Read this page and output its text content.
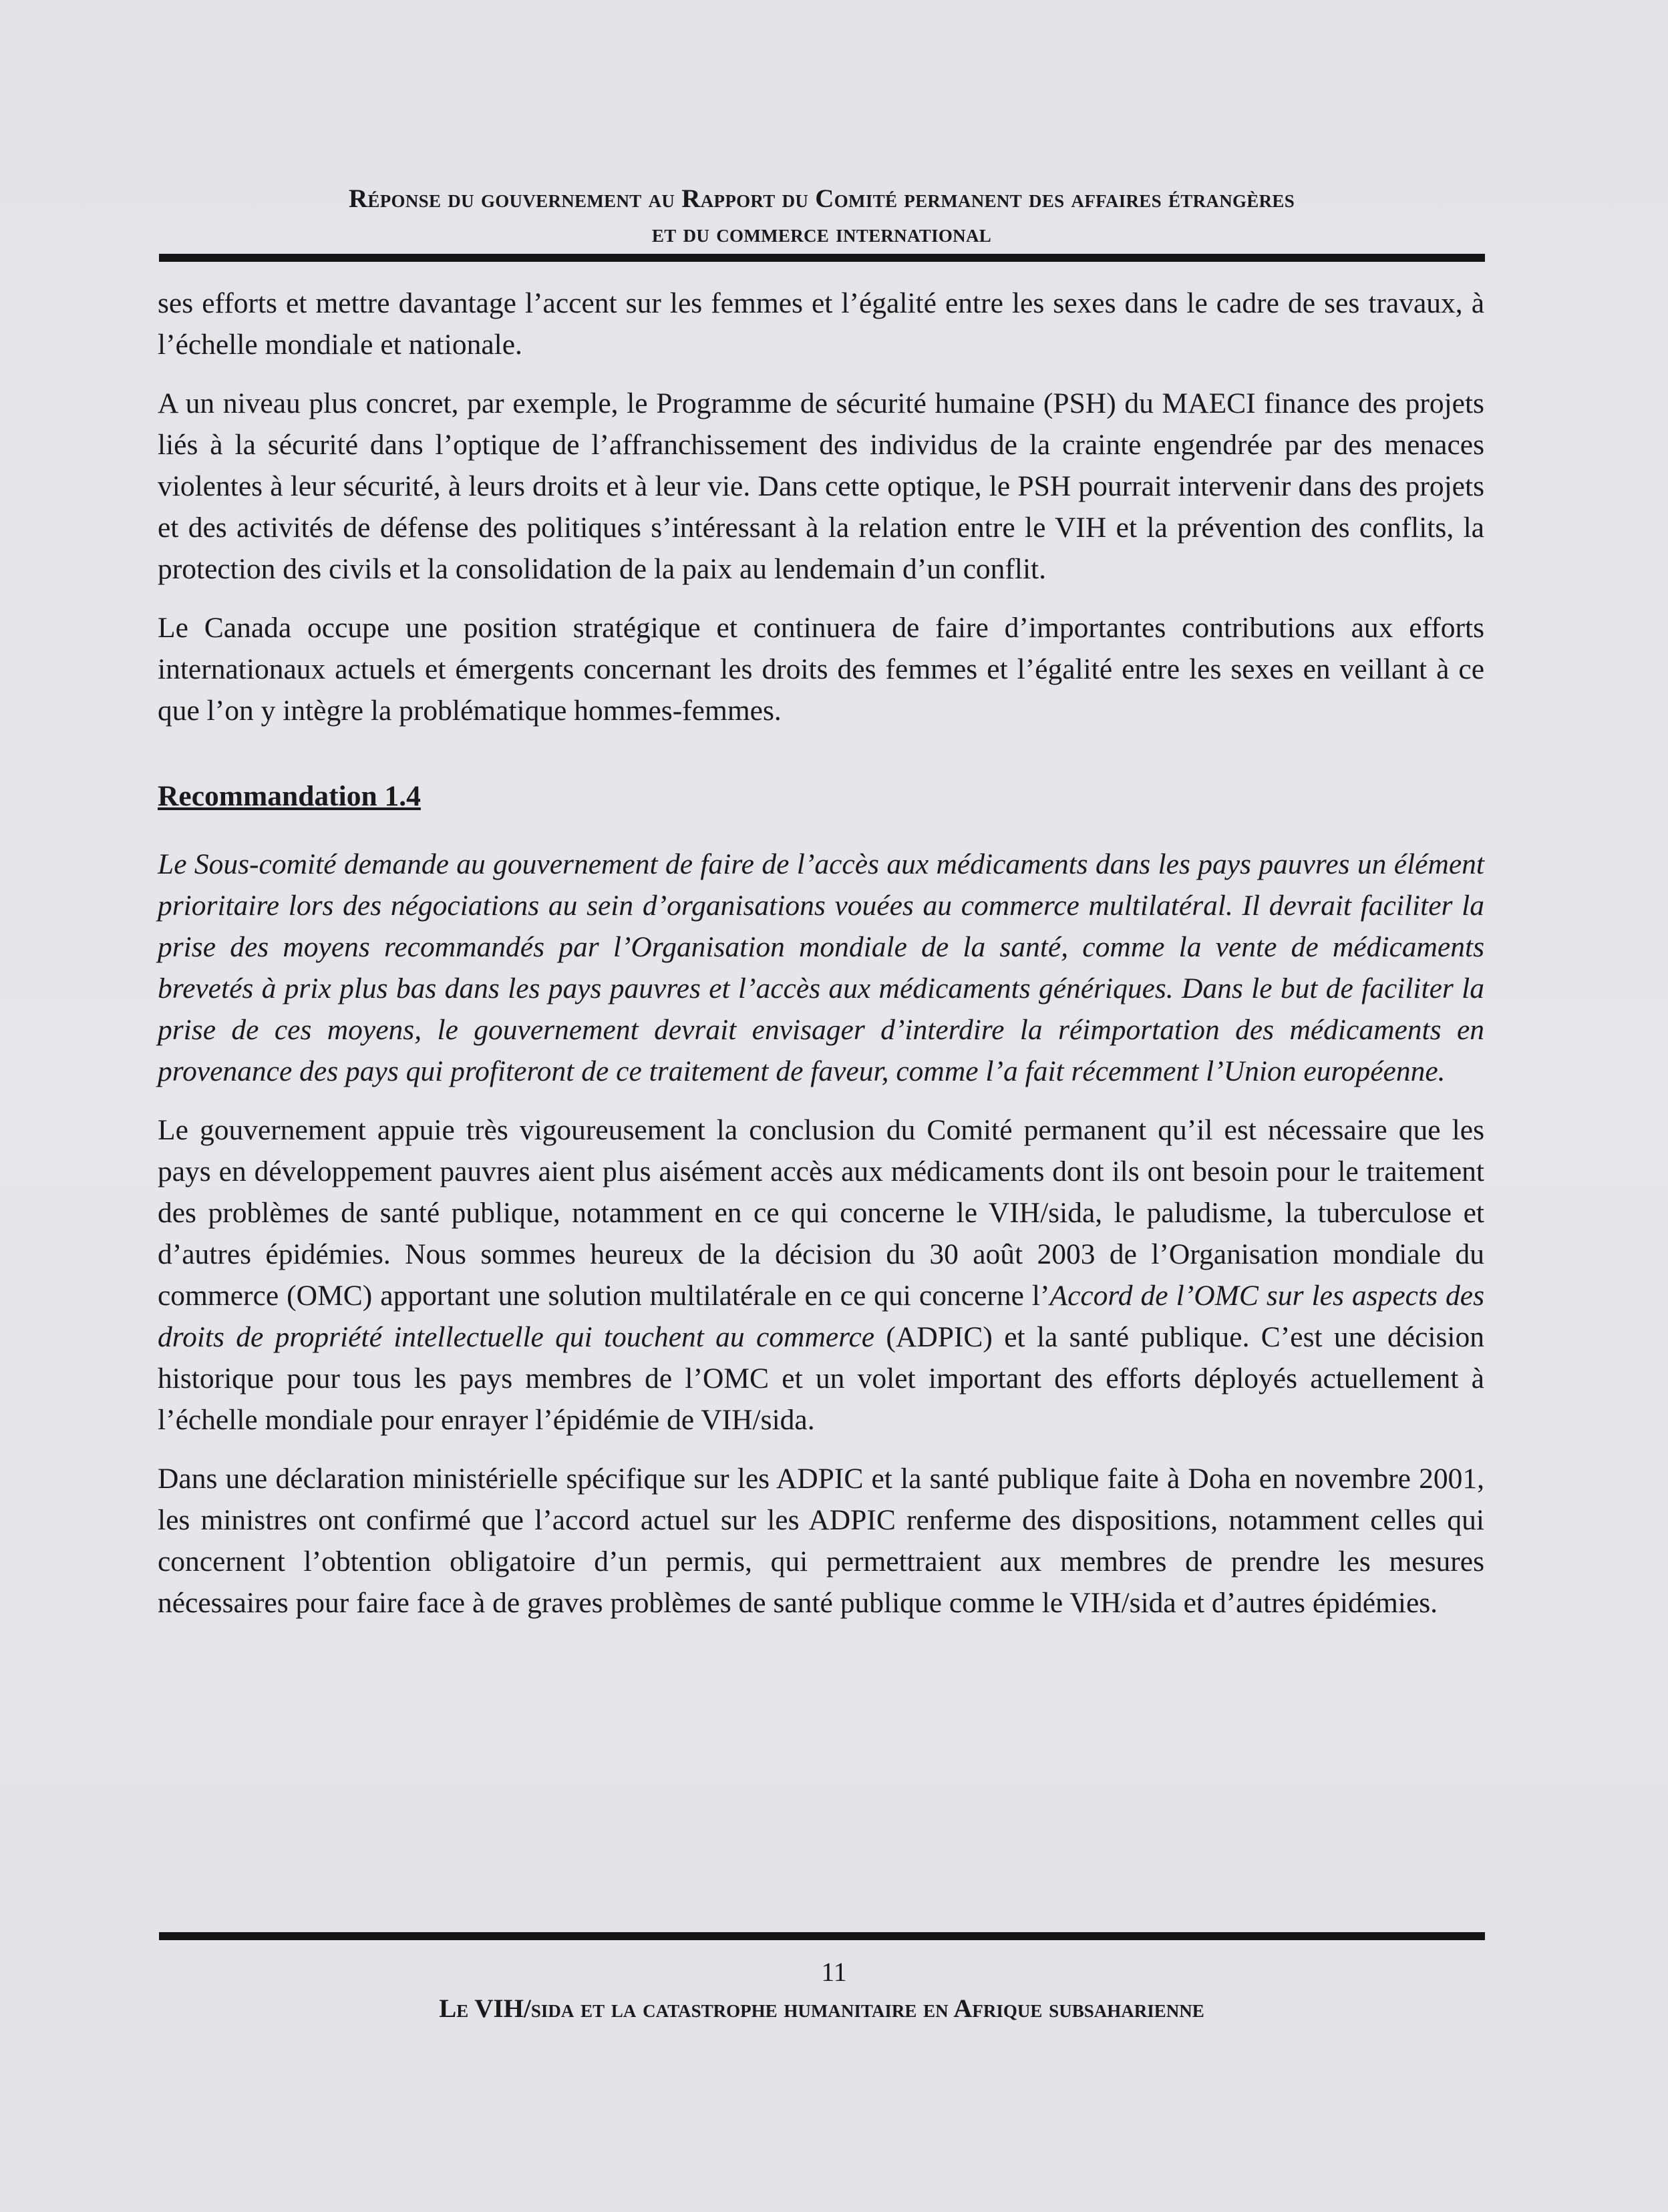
Réponse du gouvernement au Rapport du Comité permanent des affaires étrangères
et du commerce international

ses efforts et mettre davantage l’accent sur les femmes et l’égalité entre les sexes dans le cadre de ses travaux, à l’échelle mondiale et nationale.

A un niveau plus concret, par exemple, le Programme de sécurité humaine (PSH) du MAECI finance des projets liés à la sécurité dans l’optique de l’affranchissement des individus de la crainte engendrée par des menaces violentes à leur sécurité, à leurs droits et à leur vie. Dans cette optique, le PSH pourrait intervenir dans des projets et des activités de défense des politiques s’intéressant à la relation entre le VIH et la prévention des conflits, la protection des civils et la consolidation de la paix au lendemain d’un conflit.

Le Canada occupe une position stratégique et continuera de faire d’importantes contributions aux efforts internationaux actuels et émergents concernant les droits des femmes et l’égalité entre les sexes en veillant à ce que l’on y intègre la problématique hommes-femmes.

Recommandation 1.4

Le Sous-comité demande au gouvernement de faire de l’accès aux médicaments dans les pays pauvres un élément prioritaire lors des négociations au sein d’organisations vouées au commerce multilatéral. Il devrait faciliter la prise des moyens recommandés par l’Organisation mondiale de la santé, comme la vente de médicaments brevetés à prix plus bas dans les pays pauvres et l’accès aux médicaments génériques. Dans le but de faciliter la prise de ces moyens, le gouvernement devrait envisager d’interdire la réimportation des médicaments en provenance des pays qui profiteront de ce traitement de faveur, comme l’a fait récemment l’Union européenne.

Le gouvernement appuie très vigoureusement la conclusion du Comité permanent qu’il est nécessaire que les pays en développement pauvres aient plus aisément accès aux médicaments dont ils ont besoin pour le traitement des problèmes de santé publique, notamment en ce qui concerne le VIH/sida, le paludisme, la tuberculose et d’autres épidémies. Nous sommes heureux de la décision du 30 août 2003 de l’Organisation mondiale du commerce (OMC) apportant une solution multilatérale en ce qui concerne l’Accord de l’OMC sur les aspects des droits de propriété intellectuelle qui touchent au commerce (ADPIC) et la santé publique. C’est une décision historique pour tous les pays membres de l’OMC et un volet important des efforts déployés actuellement à l’échelle mondiale pour enrayer l’épidémie de VIH/sida.

Dans une déclaration ministérielle spécifique sur les ADPIC et la santé publique faite à Doha en novembre 2001, les ministres ont confirmé que l’accord actuel sur les ADPIC renferme des dispositions, notamment celles qui concernent l’obtention obligatoire d’un permis, qui permettraient aux membres de prendre les mesures nécessaires pour faire face à de graves problèmes de santé publique comme le VIH/sida et d’autres épidémies.

11
Le VIH/sida et la catastrophe humanitaire en Afrique subsaharienne
